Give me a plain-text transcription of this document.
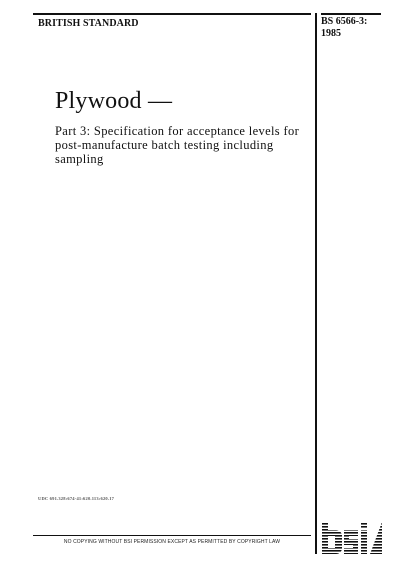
BRITISH STANDARD	BS 6566-3:
1985
Plywood —
Part 3: Specification for acceptance levels for post-manufacture batch testing including sampling
UDC 691.328:674-41:620.113:620.17
NO COPYING WITHOUT BSI PERMISSION EXCEPT AS PERMITTED BY COPYRIGHT LAW
